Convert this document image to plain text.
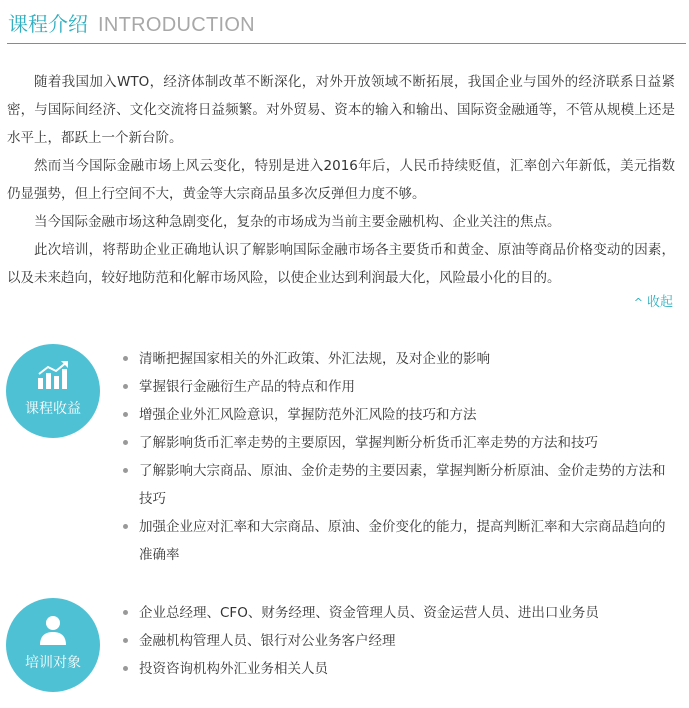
课程介绍 INTRODUCTION

随着我国加入WTO，经济体制改革不断深化，对外开放领域不断拓展，我国企业与国外的经济联系日益紧密，与国际间经济、文化交流将日益频繁。对外贸易、资本的输入和输出、国际资金融通等，不管从规模上还是水平上，都跃上一个新台阶。

然而当今国际金融市场上风云变化，特别是进入2016年后，人民币持续贬值，汇率创六年新低，美元指数仍显强势，但上行空间不大，黄金等大宗商品虽多次反弹但力度不够。

当今国际金融市场这种急剧变化，复杂的市场成为当前主要金融机构、企业关注的焦点。

此次培训，将帮助企业正确地认识了解影响国际金融市场各主要货币和黄金、原油等商品价格变动的因素，以及未来趋向，较好地防范和化解市场风险，以使企业达到利润最大化，风险最小化的目的。

^ 收起
课程收益
清晰把握国家相关的外汇政策、外汇法规，及对企业的影响
掌握银行金融衍生产品的特点和作用
增强企业外汇风险意识，掌握防范外汇风险的技巧和方法
了解影响货币汇率走势的主要原因，掌握判断分析货币汇率走势的方法和技巧
了解影响大宗商品、原油、金价走势的主要因素，掌握判断分析原油、金价走势的方法和技巧
加强企业应对汇率和大宗商品、原油、金价变化的能力，提高判断汇率和大宗商品趋向的准确率
培训对象
企业总经理、CFO、财务经理、资金管理人员、资金运营人员、进出口业务员
金融机构管理人员、银行对公业务客户经理
投资咨询机构外汇业务相关人员
